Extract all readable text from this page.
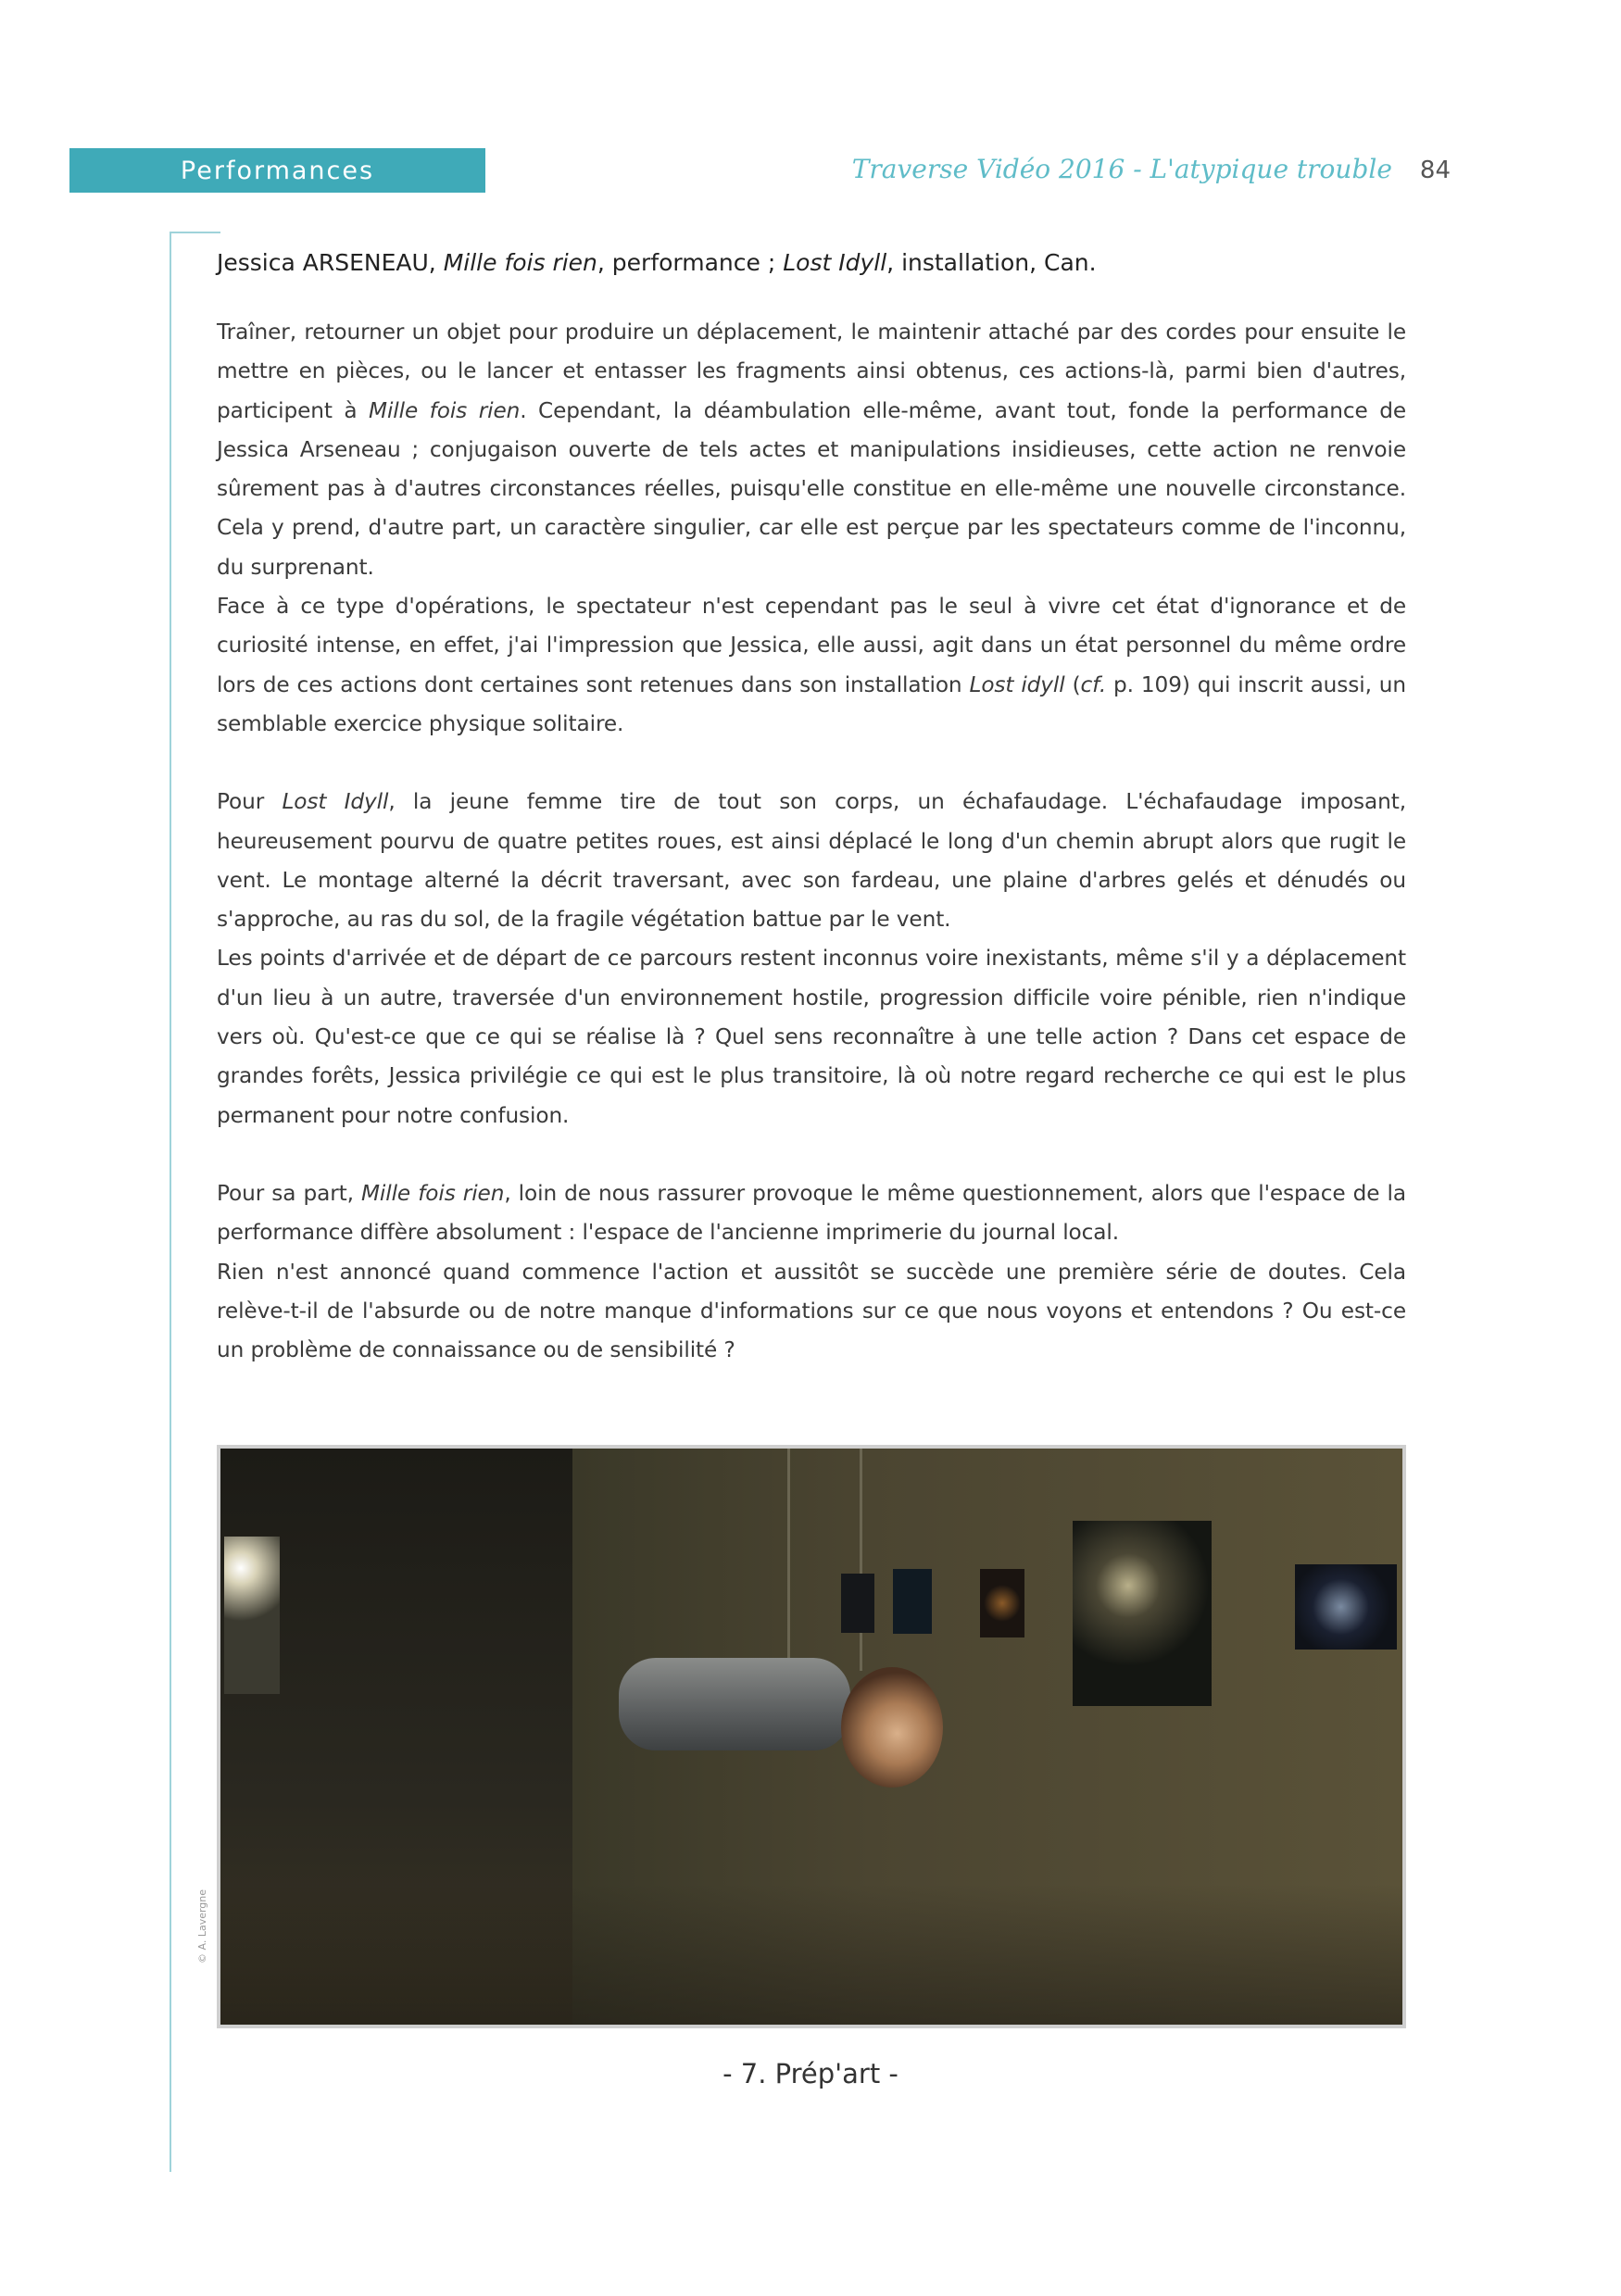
Performances	Traverse Vidéo 2016 - L'atypique trouble 84
Jessica ARSENEAU, Mille fois rien, performance ; Lost Idyll, installation, Can.

Traîner, retourner un objet pour produire un déplacement, le maintenir attaché par des cordes pour ensuite le mettre en pièces, ou le lancer et entasser les fragments ainsi obtenus, ces actions-là, parmi bien d'autres, participent à Mille fois rien. Cependant, la déambulation elle-même, avant tout, fonde la performance de Jessica Arseneau ; conjugaison ouverte de tels actes et manipulations insidieuses, cette action ne renvoie sûrement pas à d'autres circonstances réelles, puisqu'elle constitue en elle-même une nouvelle circonstance. Cela y prend, d'autre part, un caractère singulier, car elle est perçue par les spectateurs comme de l'inconnu, du surprenant.

Face à ce type d'opérations, le spectateur n'est cependant pas le seul à vivre cet état d'ignorance et de curiosité intense, en effet, j'ai l'impression que Jessica, elle aussi, agit dans un état personnel du même ordre lors de ces actions dont certaines sont retenues dans son installation Lost idyll (cf. p. 109) qui inscrit aussi, un semblable exercice physique solitaire.

Pour Lost Idyll, la jeune femme tire de tout son corps, un échafaudage. L'échafaudage imposant, heureusement pourvu de quatre petites roues, est ainsi déplacé le long d'un chemin abrupt alors que rugit le vent. Le montage alterné la décrit traversant, avec son fardeau, une plaine d'arbres gelés et dénudés ou s'approche, au ras du sol, de la fragile végétation battue par le vent.

Les points d'arrivée et de départ de ce parcours restent inconnus voire inexistants, même s'il y a déplacement d'un lieu à un autre, traversée d'un environnement hostile, progression difficile voire pénible, rien n'indique vers où. Qu'est-ce que ce qui se réalise là ? Quel sens reconnaître à une telle action ? Dans cet espace de grandes forêts, Jessica privilégie ce qui est le plus transitoire, là où notre regard recherche ce qui est le plus permanent pour notre confusion.

Pour sa part, Mille fois rien, loin de nous rassurer provoque le même questionnement, alors que l'espace de la performance diffère absolument : l'espace de l'ancienne imprimerie du journal local.

Rien n'est annoncé quand commence l'action et aussitôt se succède une première série de doutes. Cela relève-t-il de l'absurde ou de notre manque d'informations sur ce que nous voyons et entendons ? Ou est-ce un problème de connaissance ou de sensibilité ?

© A. Lavergne
- 7. Prép'art -
